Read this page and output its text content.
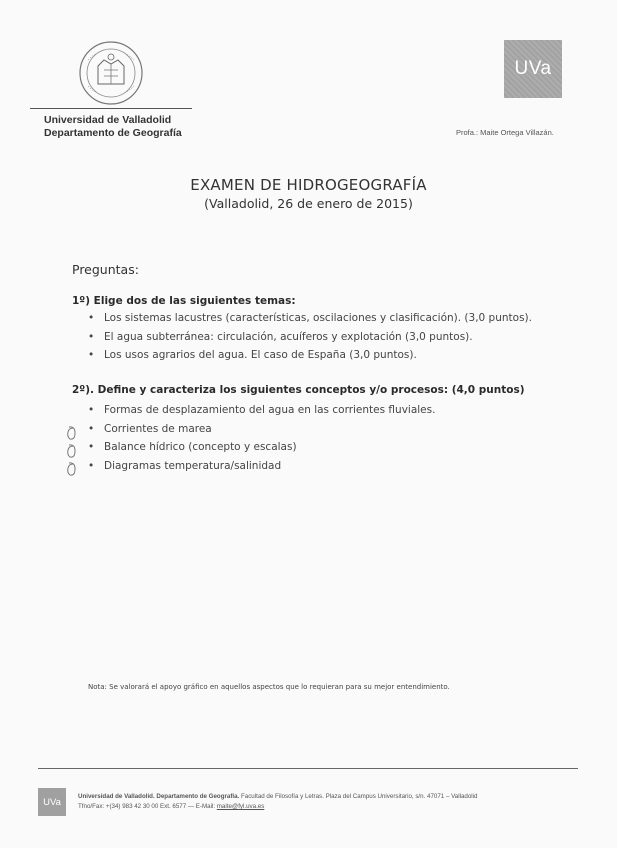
UVa
Universidad de Valladolid
Departamento de Geografía	Profa.: Maite Ortega Villazán.
EXAMEN DE HIDROGEOGRAFÍA
(Valladolid, 26 de enero de 2015)
Preguntas:
1º) Elige dos de las siguientes temas:
• Los sistemas lacustres (características, oscilaciones y clasificación). (3,0 puntos).
• El agua subterránea: circulación, acuíferos y explotación (3,0 puntos).
• Los usos agrarios del agua. El caso de España (3,0 puntos).
2º). Define y caracteriza los siguientes conceptos y/o procesos: (4,0 puntos)
• Formas de desplazamiento del agua en las corrientes fluviales.
• Corrientes de marea
• Balance hídrico (concepto y escalas)
• Diagramas temperatura/salinidad
Nota: Se valorará el apoyo gráfico en aquellos aspectos que lo requieran para su mejor entendimiento.
UVa	Universidad de Valladolid. Departamento de Geografía. Facultad de Filosofía y Letras. Plaza del Campus Universitario, s/n. 47071 – Valladolid
Tfno/Fax: +(34) 983 42 30 00 Ext. 6577 — E-Mail: maite@fyl.uva.es
